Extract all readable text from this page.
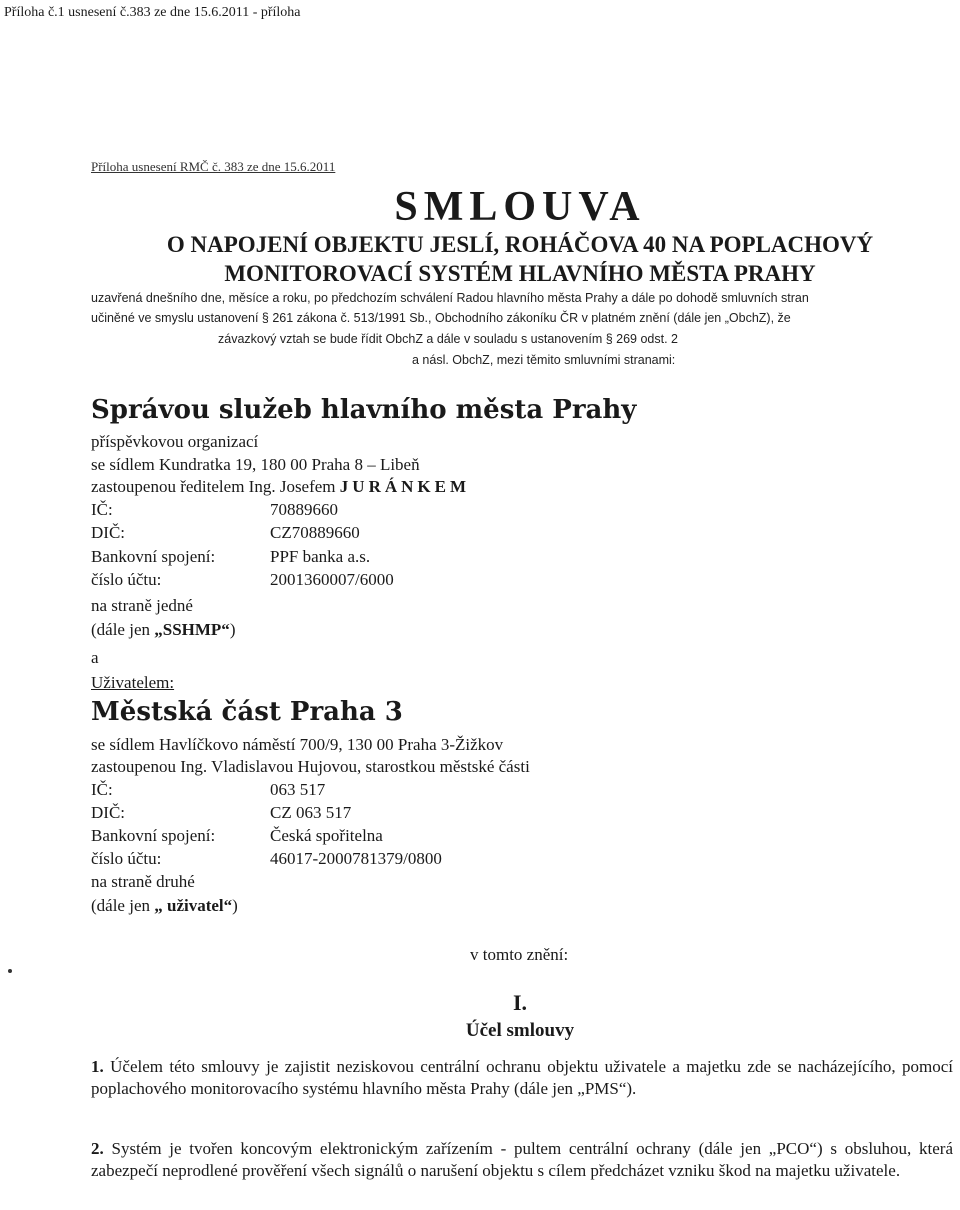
Příloha č.1 usnesení č.383 ze dne 15.6.2011 - příloha
Příloha usnesení RMČ č. 383 ze dne 15.6.2011
SMLOUVA
O NAPOJENÍ OBJEKTU JESLÍ, ROHÁČOVA 40 NA POPLACHOVÝ
MONITOROVACÍ SYSTÉM HLAVNÍHO MĚSTA PRAHY
uzavřená dnešního dne, měsíce a roku, po předchozím schválení Radou hlavního města Prahy a dále po dohodě smluvních stran
učiněné ve smyslu ustanovení § 261 zákona č. 513/1991 Sb., Obchodního zákoníku ČR v platném znění (dále jen „ObchZ), že
závazkový vztah se bude řídit ObchZ a dále v souladu s ustanovením § 269 odst. 2
a násl. ObchZ, mezi těmito smluvními stranami:
Správou služeb hlavního města Prahy
příspěvkovou organizací
se sídlem Kundratka 19, 180 00 Praha 8 – Libeň
zastoupenou ředitelem Ing. Josefem JURÁNKEM
IČ:	70889660
DIČ:	CZ70889660
Bankovní spojení:	PPF banka a.s.
číslo účtu:	2001360007/6000
na straně jedné
(dále jen „SSHMP“)
a
Uživatelem:
Městská část Praha 3
se sídlem Havlíčkovo náměstí 700/9, 130 00 Praha 3-Žižkov
zastoupenou Ing. Vladislavou Hujovou, starostkou městské části
IČ:	063 517
DIČ:	CZ 063 517
Bankovní spojení:	Česká spořitelna
číslo účtu:	46017-2000781379/0800
na straně druhé
(dále jen „ uživatel“)
v tomto znění:
I.
Účel smlouvy
1. Účelem této smlouvy je zajistit neziskovou centrální ochranu objektu uživatele a majetku zde se nacházejícího, pomocí poplachového monitorovacího systému hlavního města Prahy (dále jen „PMS“).
2. Systém je tvořen koncovým elektronickým zařízením - pultem centrální ochrany (dále jen „PCO“) s obsluhou, která zabezpečí neprodlené prověření všech signálů o narušení objektu s cílem předcházet vzniku škod na majetku uživatele.
